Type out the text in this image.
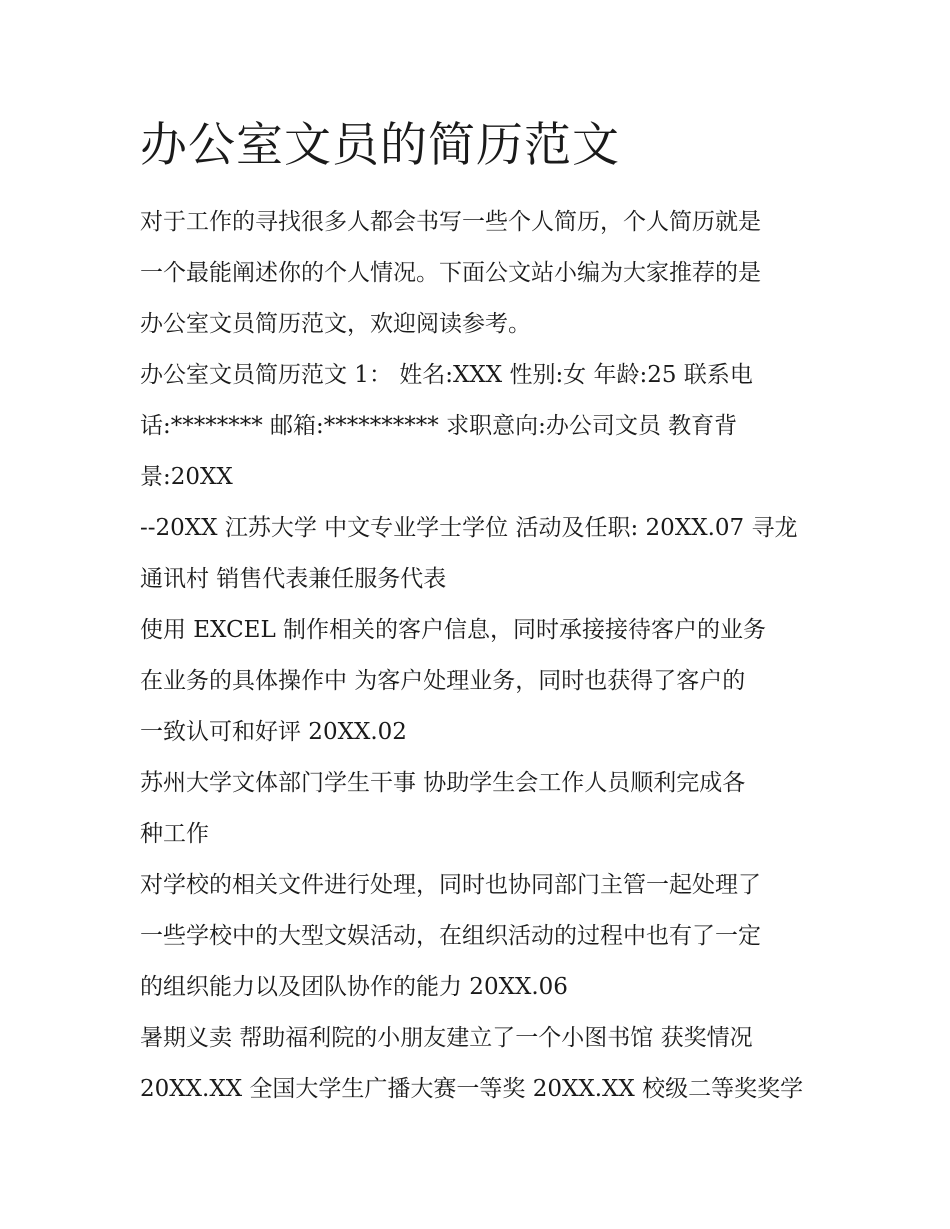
办公室文员的简历范文

对于工作的寻找很多人都会书写一些个人简历，个人简历就是

一个最能阐述你的个人情况。下面公文站小编为大家推荐的是

办公室文员简历范文，欢迎阅读参考。

办公室文员简历范文 1： 姓名:XXX 性别:女 年龄:25 联系电

话:******** 邮箱:********** 求职意向:办公司文员 教育背

景:20XX

--20XX 江苏大学 中文专业学士学位 活动及任职: 20XX.07 寻龙

通讯村 销售代表兼任服务代表

使用 EXCEL 制作相关的客户信息，同时承接接待客户的业务

在业务的具体操作中 为客户处理业务，同时也获得了客户的

一致认可和好评 20XX.02

苏州大学文体部门学生干事 协助学生会工作人员顺利完成各

种工作

对学校的相关文件进行处理，同时也协同部门主管一起处理了

一些学校中的大型文娱活动，在组织活动的过程中也有了一定

的组织能力以及团队协作的能力 20XX.06

暑期义卖 帮助福利院的小朋友建立了一个小图书馆 获奖情况

20XX.XX 全国大学生广播大赛一等奖 20XX.XX 校级二等奖奖学
